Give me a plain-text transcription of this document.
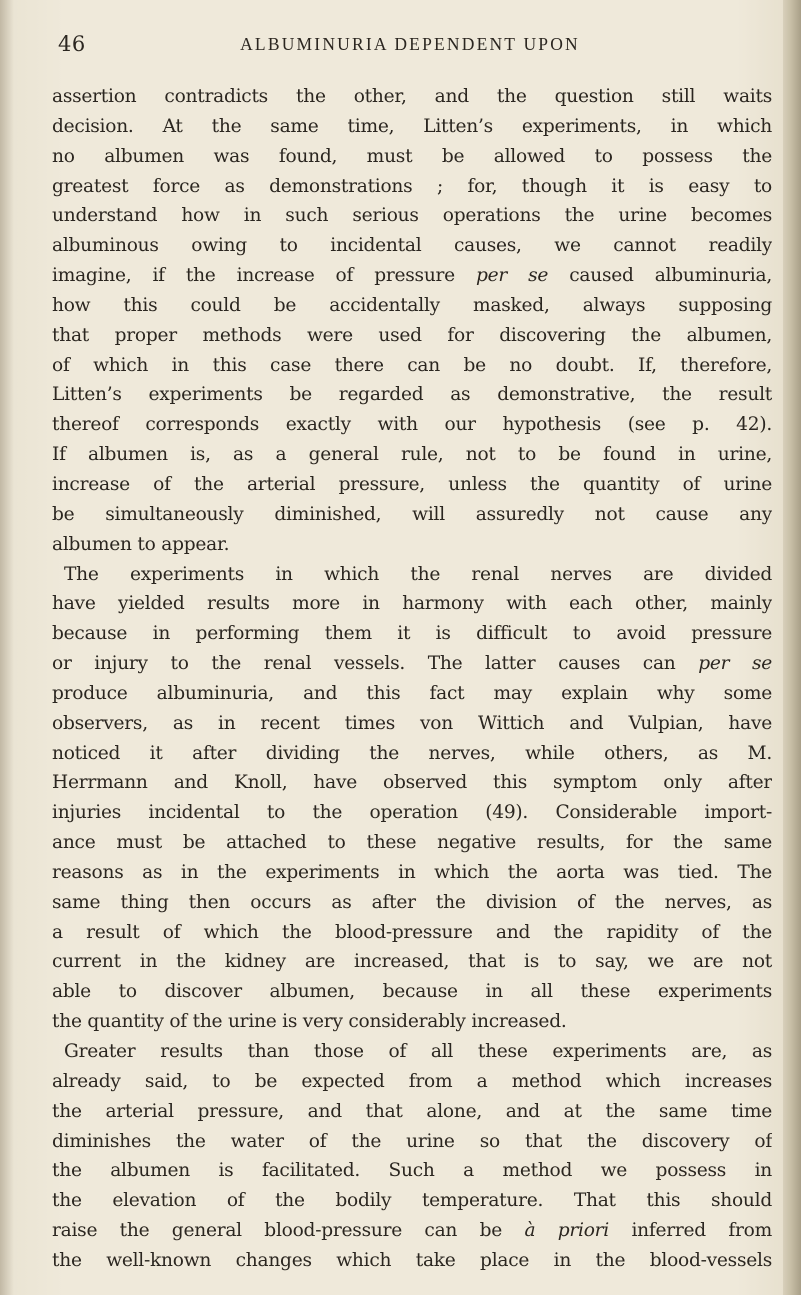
46	ALBUMINURIA DEPENDENT UPON
assertion contradicts the other, and the question still waits
decision. At the same time, Litten’s experiments, in which
no albumen was found, must be allowed to possess the
greatest force as demonstrations ; for, though it is easy to
understand how in such serious operations the urine becomes
albuminous owing to incidental causes, we cannot readily
imagine, if the increase of pressure per se caused albuminuria,
how this could be accidentally masked, always supposing
that proper methods were used for discovering the albumen,
of which in this case there can be no doubt. If, therefore,
Litten’s experiments be regarded as demonstrative, the result
thereof corresponds exactly with our hypothesis (see p. 42).
If albumen is, as a general rule, not to be found in urine,
increase of the arterial pressure, unless the quantity of urine
be simultaneously diminished, will assuredly not cause any
albumen to appear.
The experiments in which the renal nerves are divided
have yielded results more in harmony with each other, mainly
because in performing them it is difficult to avoid pressure
or injury to the renal vessels. The latter causes can per se
produce albuminuria, and this fact may explain why some
observers, as in recent times von Wittich and Vulpian, have
noticed it after dividing the nerves, while others, as M.
Herrmann and Knoll, have observed this symptom only after
injuries incidental to the operation (49). Considerable import-
ance must be attached to these negative results, for the same
reasons as in the experiments in which the aorta was tied. The
same thing then occurs as after the division of the nerves, as
a result of which the blood-pressure and the rapidity of the
current in the kidney are increased, that is to say, we are not
able to discover albumen, because in all these experiments
the quantity of the urine is very considerably increased.
Greater results than those of all these experiments are, as
already said, to be expected from a method which increases
the arterial pressure, and that alone, and at the same time
diminishes the water of the urine so that the discovery of
the albumen is facilitated. Such a method we possess in
the elevation of the bodily temperature. That this should
raise the general blood-pressure can be à priori inferred from
the well-known changes which take place in the blood-vessels
